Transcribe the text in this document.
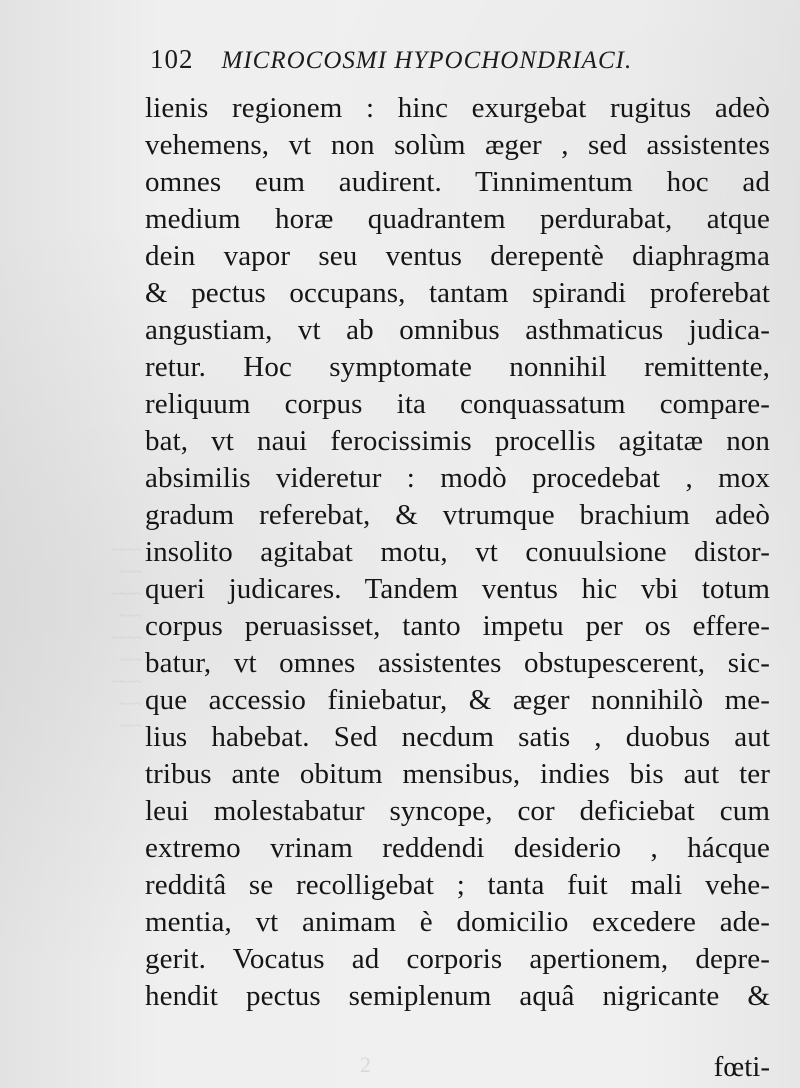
~~~~
~~~
~~~~
~~~
~~~~
~~~
~~~~
~~~
~~~
102 MICROCOSMI HYPOCHONDRIACI.
lienis regionem : hinc exurgebat rugitus adeò
vehemens, vt non solùm æger , sed assistentes
omnes eum audirent. Tinnimentum hoc ad
medium horæ quadrantem perdurabat, atque
dein vapor seu ventus derepentè diaphragma
& pectus occupans, tantam spirandi proferebat
angustiam, vt ab omnibus asthmaticus judica-
retur. Hoc symptomate nonnihil remittente,
reliquum corpus ita conquassatum compare-
bat, vt naui ferocissimis procellis agitatæ non
absimilis videretur : modò procedebat , mox
gradum referebat, & vtrumque brachium adeò
insolito agitabat motu, vt conuulsione distor-
queri judicares. Tandem ventus hic vbi totum
corpus peruasisset, tanto impetu per os effere-
batur, vt omnes assistentes obstupescerent, sic-
que accessio finiebatur, & æger nonnihilò me-
lius habebat. Sed necdum satis , duobus aut
tribus ante obitum mensibus, indies bis aut ter
leui molestabatur syncope, cor deficiebat cum
extremo vrinam reddendi desiderio , hácque
redditâ se recolligebat ; tanta fuit mali vehe-
mentia, vt animam è domicilio excedere ade-
gerit. Vocatus ad corporis apertionem, depre-
hendit pectus semiplenum aquâ nigricante &
2	fœti-
